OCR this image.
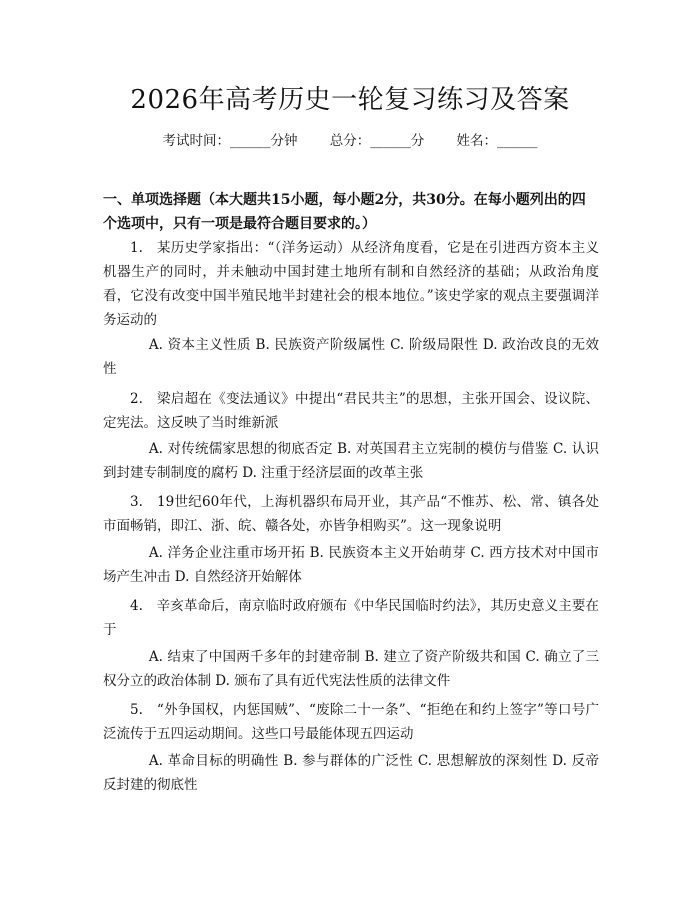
2026年高考历史一轮复习练习及答案
考试时间：______分钟 总分：______分 姓名：______
一、单项选择题（本大题共15小题，每小题2分，共30分。在每小题列出的四个选项中，只有一项是最符合题目要求的。）
1.　某历史学家指出：“（洋务运动）从经济角度看，它是在引进西方资本主义机器生产的同时，并未触动中国封建土地所有制和自然经济的基础；从政治角度看，它没有改变中国半殖民地半封建社会的根本地位。”该史学家的观点主要强调洋务运动的
A. 资本主义性质 B. 民族资产阶级属性 C. 阶级局限性 D. 政治改良的无效性
2.　梁启超在《变法通议》中提出“君民共主”的思想，主张开国会、设议院、定宪法。这反映了当时维新派
A. 对传统儒家思想的彻底否定 B. 对英国君主立宪制的模仿与借鉴 C. 认识到封建专制制度的腐朽 D. 注重于经济层面的改革主张
3.　19世纪60年代，上海机器织布局开业，其产品“不惟苏、松、常、镇各处市面畅销，即江、浙、皖、赣各处，亦皆争相购买”。这一现象说明
A. 洋务企业注重市场开拓 B. 民族资本主义开始萌芽 C. 西方技术对中国市场产生冲击 D. 自然经济开始解体
4.　辛亥革命后，南京临时政府颁布《中华民国临时约法》，其历史意义主要在于
A. 结束了中国两千多年的封建帝制 B. 建立了资产阶级共和国 C. 确立了三权分立的政治体制 D. 颁布了具有近代宪法性质的法律文件
5.　“外争国权，内惩国贼”、“废除二十一条”、“拒绝在和约上签字”等口号广泛流传于五四运动期间。这些口号最能体现五四运动
A. 革命目标的明确性 B. 参与群体的广泛性 C. 思想解放的深刻性 D. 反帝反封建的彻底性
